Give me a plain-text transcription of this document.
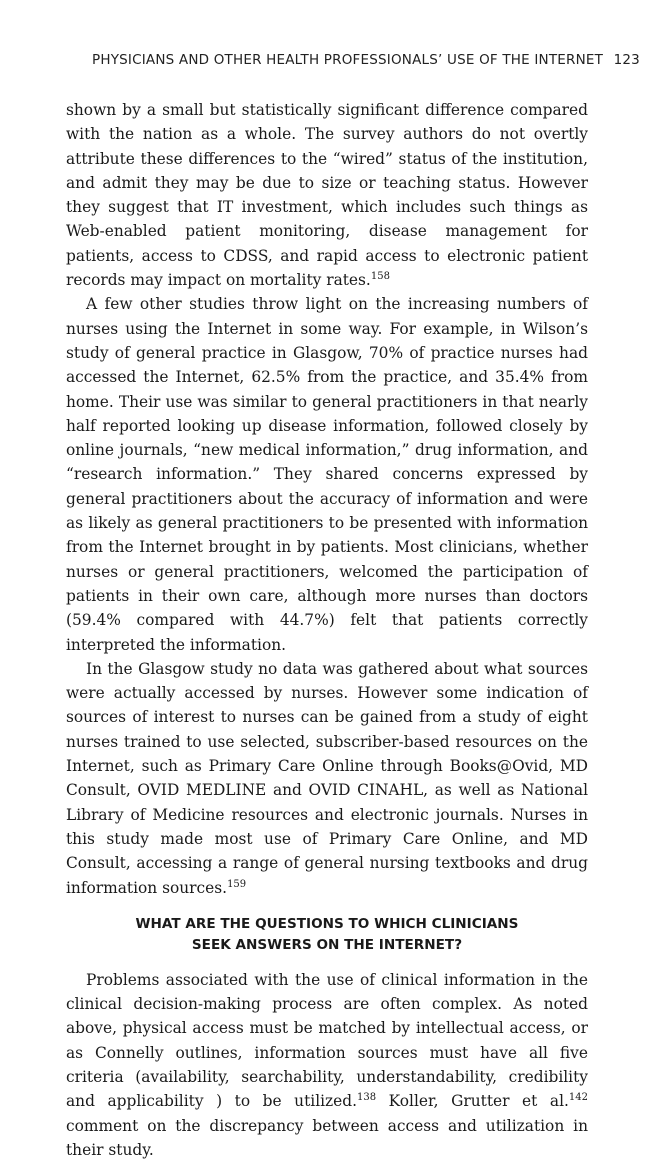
PHYSICIANS AND OTHER HEALTH PROFESSIONALS’ USE OF THE INTERNET 123

shown by a small but statistically significant difference compared with the nation as a whole. The survey authors do not overtly attribute these differences to the “wired” status of the institution, and admit they may be due to size or teaching status. However they suggest that IT investment, which includes such things as Web-enabled patient monitoring, disease management for patients, access to CDSS, and rapid access to electronic patient records may impact on mortality rates.$^{158}$

A few other studies throw light on the increasing numbers of nurses using the Internet in some way. For example, in Wilson’s study of general practice in Glasgow, 70% of practice nurses had accessed the Internet, 62.5% from the practice, and 35.4% from home. Their use was similar to general practitioners in that nearly half reported looking up disease information, followed closely by online journals, “new medical information,” drug information, and “research information.” They shared concerns expressed by general practitioners about the accuracy of information and were as likely as general practitioners to be presented with information from the Internet brought in by patients. Most clinicians, whether nurses or general practitioners, welcomed the participation of patients in their own care, although more nurses than doctors (59.4% compared with 44.7%) felt that patients correctly interpreted the information.

In the Glasgow study no data was gathered about what sources were actually accessed by nurses. However some indication of sources of interest to nurses can be gained from a study of eight nurses trained to use selected, subscriber-based resources on the Internet, such as Primary Care Online through Books@Ovid, MD Consult, OVID MEDLINE and OVID CINAHL, as well as National Library of Medicine resources and electronic journals. Nurses in this study made most use of Primary Care Online, and MD Consult, accessing a range of general nursing textbooks and drug information sources.$^{159}$

WHAT ARE THE QUESTIONS TO WHICH CLINICIANS
SEEK ANSWERS ON THE INTERNET?

Problems associated with the use of clinical information in the clinical decision-making process are often complex. As noted above, physical access must be matched by intellectual access, or as Connelly outlines, information sources must have all five criteria (availability, searchability, understandability, credibility and applicability ) to be utilized.$^{138}$ Koller, Grutter et al.$^{142}$ comment on the discrepancy between access and utilization in their study.
